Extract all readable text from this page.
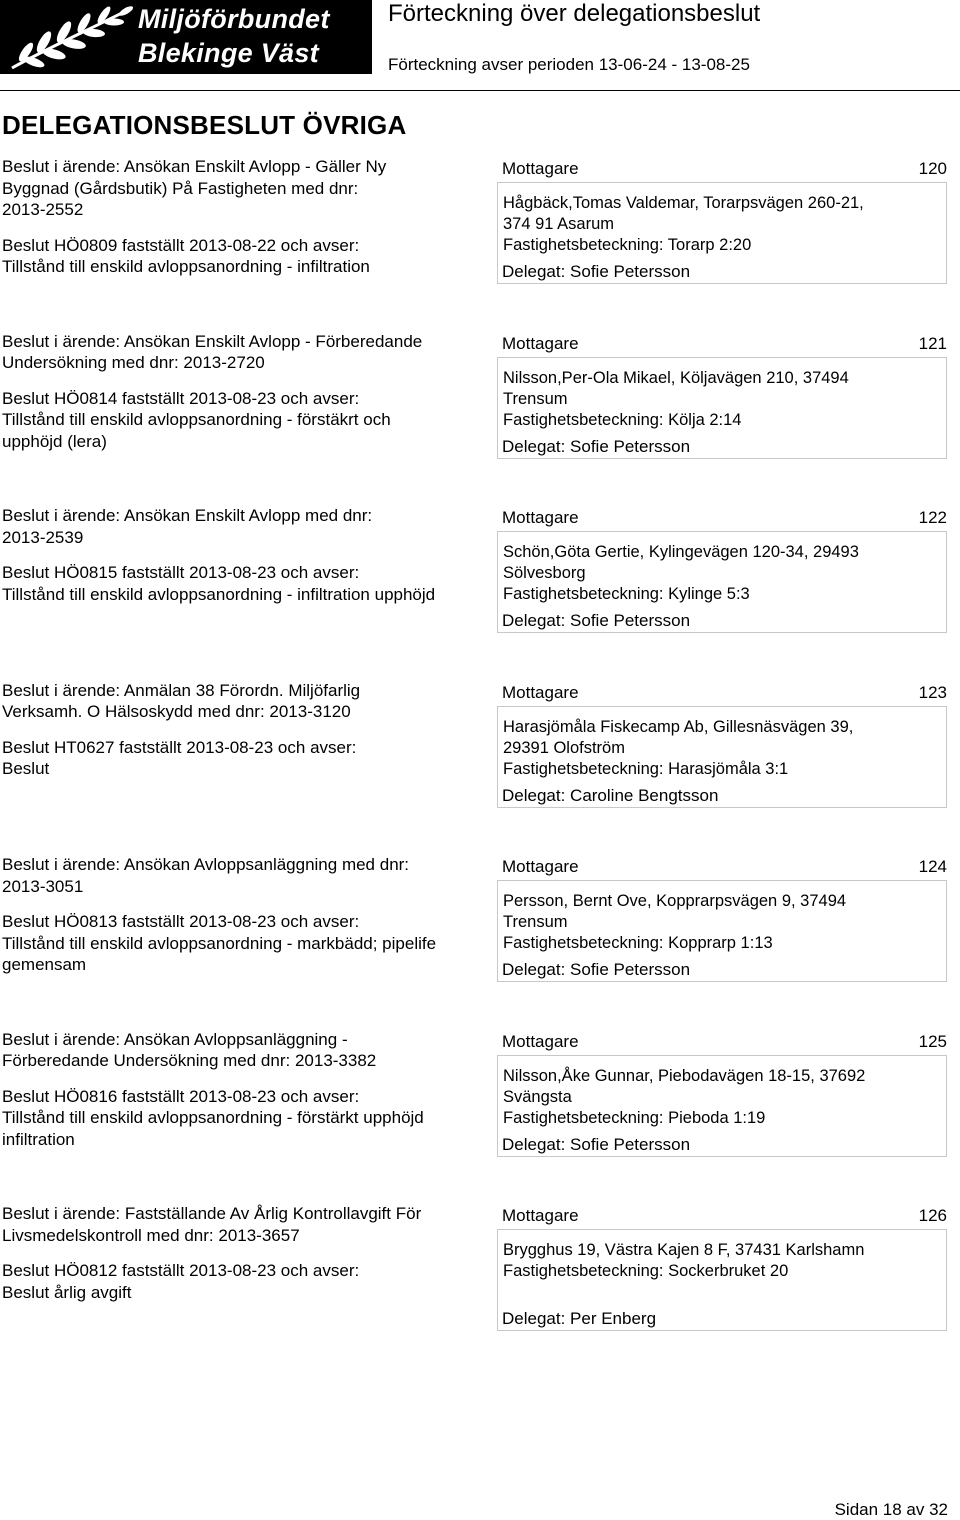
Miljöförbundet
Blekinge Väst
Förteckning över delegationsbeslut
Förteckning avser perioden 13-06-24 - 13-08-25
DELEGATIONSBESLUT ÖVRIGA

Beslut i ärende: Ansökan Enskilt Avlopp - Gäller Ny

Byggnad (Gårdsbutik) På Fastigheten med dnr:

2013-2552

Beslut HÖ0809 fastställt 2013-08-22 och avser:

Tillstånd till enskild avloppsanordning - infiltration

Mottagare	120
Hågbäck,Tomas Valdemar, Torarpsvägen 260-21,
374 91 Asarum
Fastighetsbeteckning: Torarp 2:20
Delegat: Sofie Petersson

Beslut i ärende: Ansökan Enskilt Avlopp - Förberedande

Undersökning med dnr: 2013-2720

Beslut HÖ0814 fastställt 2013-08-23 och avser:

Tillstånd till enskild avloppsanordning - förstäkrt och

upphöjd (lera)

Mottagare	121
Nilsson,Per-Ola Mikael, Köljavägen 210, 37494
Trensum
Fastighetsbeteckning: Kölja 2:14
Delegat: Sofie Petersson

Beslut i ärende: Ansökan Enskilt Avlopp med dnr:

2013-2539

Beslut HÖ0815 fastställt 2013-08-23 och avser:

Tillstånd till enskild avloppsanordning - infiltration upphöjd

Mottagare	122
Schön,Göta Gertie, Kylingevägen 120-34, 29493
Sölvesborg
Fastighetsbeteckning: Kylinge 5:3
Delegat: Sofie Petersson

Beslut i ärende: Anmälan 38 Förordn. Miljöfarlig

Verksamh. O Hälsoskydd med dnr: 2013-3120

Beslut HT0627 fastställt 2013-08-23 och avser:

Beslut

Mottagare	123
Harasjömåla Fiskecamp Ab, Gillesnäsvägen 39,
29391 Olofström
Fastighetsbeteckning: Harasjömåla 3:1
Delegat: Caroline Bengtsson

Beslut i ärende: Ansökan Avloppsanläggning med dnr:

2013-3051

Beslut HÖ0813 fastställt 2013-08-23 och avser:

Tillstånd till enskild avloppsanordning - markbädd; pipelife

gemensam

Mottagare	124
Persson, Bernt Ove, Kopprarpsvägen 9, 37494
Trensum
Fastighetsbeteckning: Kopprarp 1:13
Delegat: Sofie Petersson

Beslut i ärende: Ansökan Avloppsanläggning -

Förberedande Undersökning med dnr: 2013-3382

Beslut HÖ0816 fastställt 2013-08-23 och avser:

Tillstånd till enskild avloppsanordning - förstärkt upphöjd

infiltration

Mottagare	125
Nilsson,Åke Gunnar, Piebodavägen 18-15, 37692
Svängsta
Fastighetsbeteckning: Pieboda 1:19
Delegat: Sofie Petersson

Beslut i ärende: Fastställande Av Årlig Kontrollavgift För

Livsmedelskontroll med dnr: 2013-3657

Beslut HÖ0812 fastställt 2013-08-23 och avser:

Beslut årlig avgift

Mottagare	126
Brygghus 19, Västra Kajen 8 F, 37431 Karlshamn
Fastighetsbeteckning: Sockerbruket 20
Delegat: Per Enberg
Sidan 18 av 32
